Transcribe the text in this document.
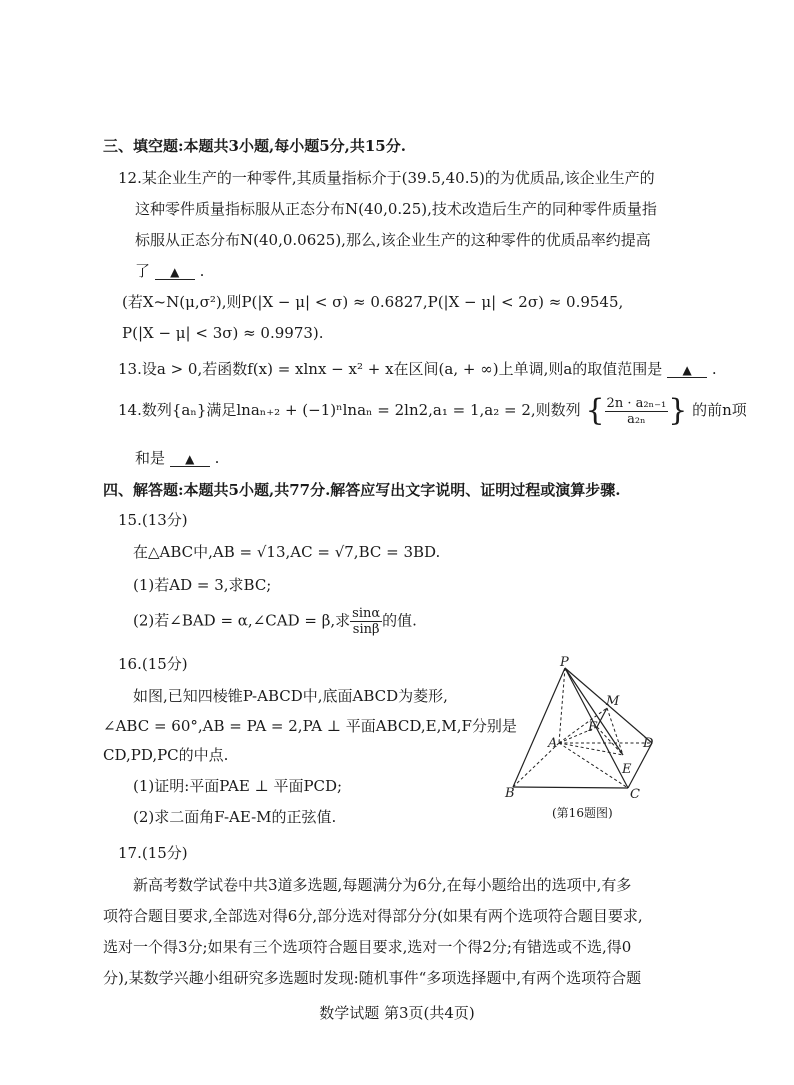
三、填空题:本题共3小题,每小题5分,共15分.
12.某企业生产的一种零件,其质量指标介于(39.5,40.5)的为优质品,该企业生产的
这种零件质量指标服从正态分布N(40,0.25),技术改造后生产的同种零件质量指
标服从正态分布N(40,0.0625),那么,该企业生产的这种零件的优质品率约提高
了 ▲ .
(若X~N(μ,σ²),则P(|X − μ| < σ) ≈ 0.6827,P(|X − μ| < 2σ) ≈ 0.9545,
P(|X − μ| < 3σ) ≈ 0.9973).
13.设a > 0,若函数f(x) = xlnx − x² + x在区间(a, + ∞)上单调,则a的取值范围是 ▲ .
14.数列{aₙ}满足lnaₙ₊₂ + (−1)ⁿlnaₙ = 2ln2,a₁ = 1,a₂ = 2,则数列 { $\frac{\text{2n · a₂ₙ₋₁}}{\text{a₂ₙ}}$ } 的前n项
和是 ▲ .
四、解答题:本题共5小题,共77分.解答应写出文字说明、证明过程或演算步骤.
15.(13分)
在△ABC中,AB = √13,AC = √7,BC = 3BD.
(1)若AD = 3,求BC;
(2)若∠BAD = α,∠CAD = β,求 $\frac{\sin\alpha}{\sin\beta}$ 的值.
16.(15分)
如图,已知四棱锥P-ABCD中,底面ABCD为菱形,
∠ABC = 60°,AB = PA = 2,PA ⊥ 平面ABCD,E,M,F分别是
CD,PD,PC的中点.
(1)证明:平面PAE ⊥ 平面PCD;
(2)求二面角F-AE-M的正弦值.
P
M
F
A	D
E
B	C
(第16题图)
17.(15分)
新高考数学试卷中共3道多选题,每题满分为6分,在每小题给出的选项中,有多
项符合题目要求,全部选对得6分,部分选对得部分分(如果有两个选项符合题目要求,
选对一个得3分;如果有三个选项符合题目要求,选对一个得2分;有错选或不选,得0
分),某数学兴趣小组研究多选题时发现:随机事件“多项选择题中,有两个选项符合题
数学试题 第3页(共4页)
